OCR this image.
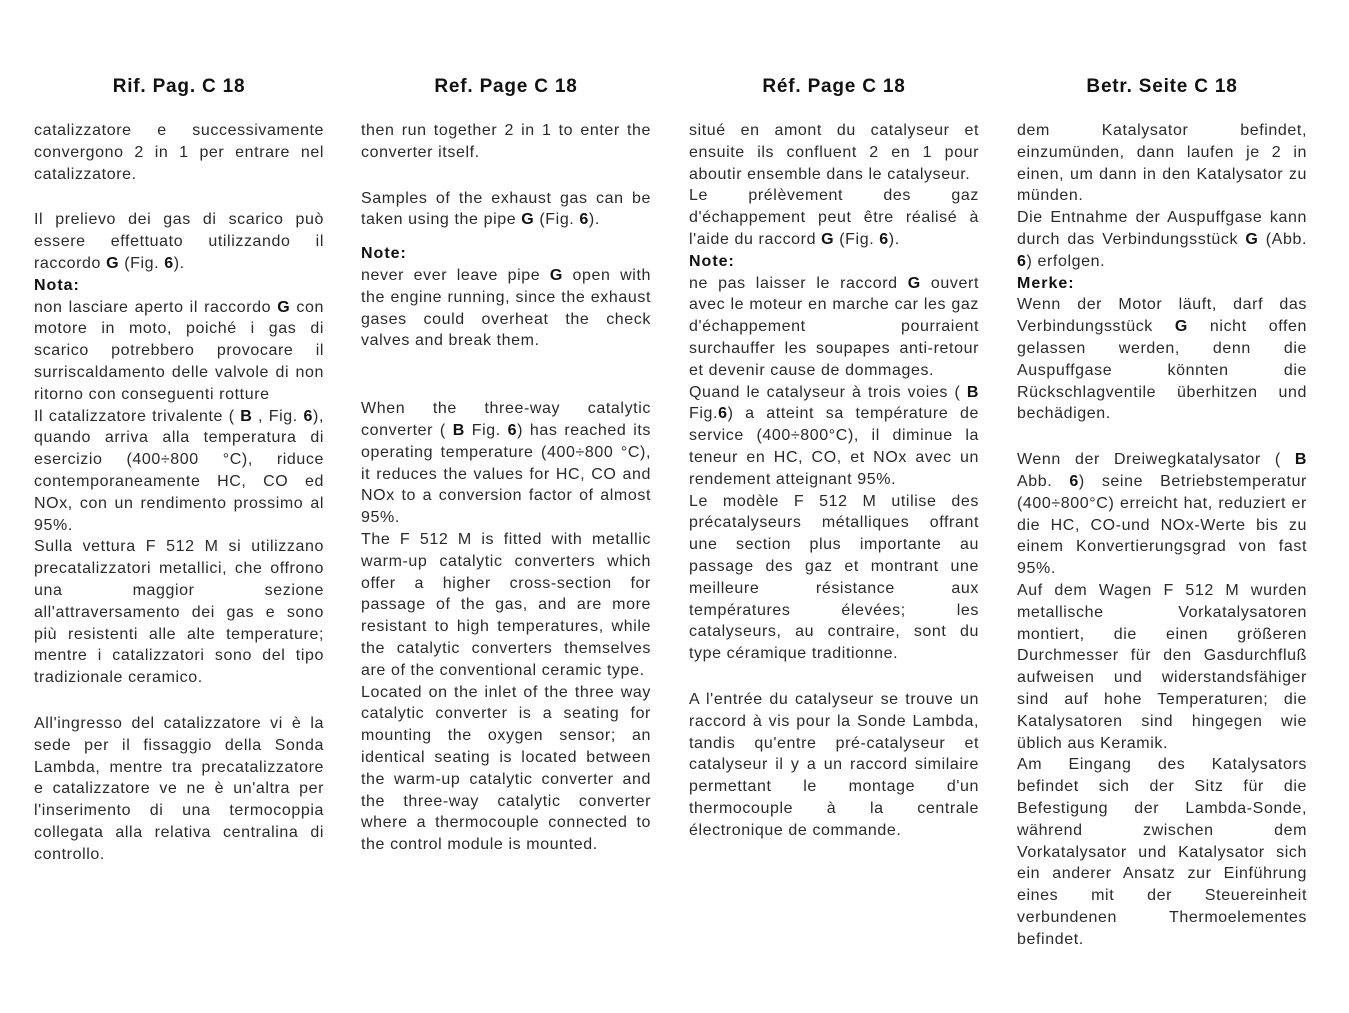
Rif. Pag. C 18

catalizzatore e successivamente convergono 2 in 1 per entrare nel catalizzatore.

Il prelievo dei gas di scarico può essere effettuato utilizzando il raccordo G (Fig. 6).

Nota:

non lasciare aperto il raccordo G con motore in moto, poiché i gas di scarico potrebbero provocare il surriscaldamento delle valvole di non ritorno con conseguenti rotture

Il catalizzatore trivalente ( B , Fig. 6), quando arriva alla temperatura di esercizio (400÷800 °C), riduce contemporaneamente HC, CO ed NOx, con un rendimento prossimo al 95%.

Sulla vettura F 512 M si utilizzano precatalizzatori metallici, che offrono una maggior sezione all'attraversamento dei gas e sono più resistenti alle alte temperature; mentre i catalizzatori sono del tipo tradizionale ceramico.

All'ingresso del catalizzatore vi è la sede per il fissaggio della Sonda Lambda, mentre tra precatalizzatore e catalizzatore ve ne è un'altra per l'inserimento di una termocoppia collegata alla relativa centralina di controllo.

Ref. Page C 18

then run together 2 in 1 to enter the converter itself.

Samples of the exhaust gas can be taken using the pipe G (Fig. 6).

Note:

never ever leave pipe G open with the engine running, since the exhaust gases could overheat the check valves and break them.

When the three-way catalytic converter ( B Fig. 6) has reached its operating temperature (400÷800 °C), it reduces the values for HC, CO and NOx to a conversion factor of almost 95%.

The F 512 M is fitted with metallic warm-up catalytic converters which offer a higher cross-section for passage of the gas, and are more resistant to high temperatures, while the catalytic converters themselves are of the conventional ceramic type.

Located on the inlet of the three way catalytic converter is a seating for mounting the oxygen sensor; an identical seating is located between the warm-up catalytic converter and the three-way catalytic converter where a thermocouple connected to the control module is mounted.

Réf. Page C 18

situé en amont du catalyseur et ensuite ils confluent 2 en 1 pour aboutir ensemble dans le catalyseur.

Le prélèvement des gaz d'échappement peut être réalisé à l'aide du raccord G (Fig. 6).

Note:

ne pas laisser le raccord G ouvert avec le moteur en marche car les gaz d'échappement pourraient surchauffer les soupapes anti-retour et devenir cause de dommages.

Quand le catalyseur à trois voies ( B Fig.6) a atteint sa température de service (400÷800°C), il diminue la teneur en HC, CO, et NOx avec un rendement atteignant 95%.

Le modèle F 512 M utilise des précatalyseurs métalliques offrant une section plus importante au passage des gaz et montrant une meilleure résistance aux températures élevées; les catalyseurs, au contraire, sont du type céramique traditionne.

A l'entrée du catalyseur se trouve un raccord à vis pour la Sonde Lambda, tandis qu'entre pré-catalyseur et catalyseur il y a un raccord similaire permettant le montage d'un thermocouple à la centrale électronique de commande.

Betr. Seite C 18

dem Katalysator befindet, einzumünden, dann laufen je 2 in einen, um dann in den Katalysator zu münden.

Die Entnahme der Auspuffgase kann durch das Verbindungsstück G (Abb. 6) erfolgen.

Merke:

Wenn der Motor läuft, darf das Verbindungsstück G nicht offen gelassen werden, denn die Auspuffgase könnten die Rückschlagventile überhitzen und bechädigen.

Wenn der Dreiwegkatalysator ( B Abb. 6) seine Betriebstemperatur (400÷800°C) erreicht hat, reduziert er die HC, CO-und NOx-Werte bis zu einem Konvertierungsgrad von fast 95%.

Auf dem Wagen F 512 M wurden metallische Vorkatalysatoren montiert, die einen größeren Durchmesser für den Gasdurchfluß aufweisen und widerstandsfähiger sind auf hohe Temperaturen; die Katalysatoren sind hingegen wie üblich aus Keramik.

Am Eingang des Katalysators befindet sich der Sitz für die Befestigung der Lambda-Sonde, während zwischen dem Vorkatalysator und Katalysator sich ein anderer Ansatz zur Einführung eines mit der Steuereinheit verbundenen Thermoelementes befindet.
